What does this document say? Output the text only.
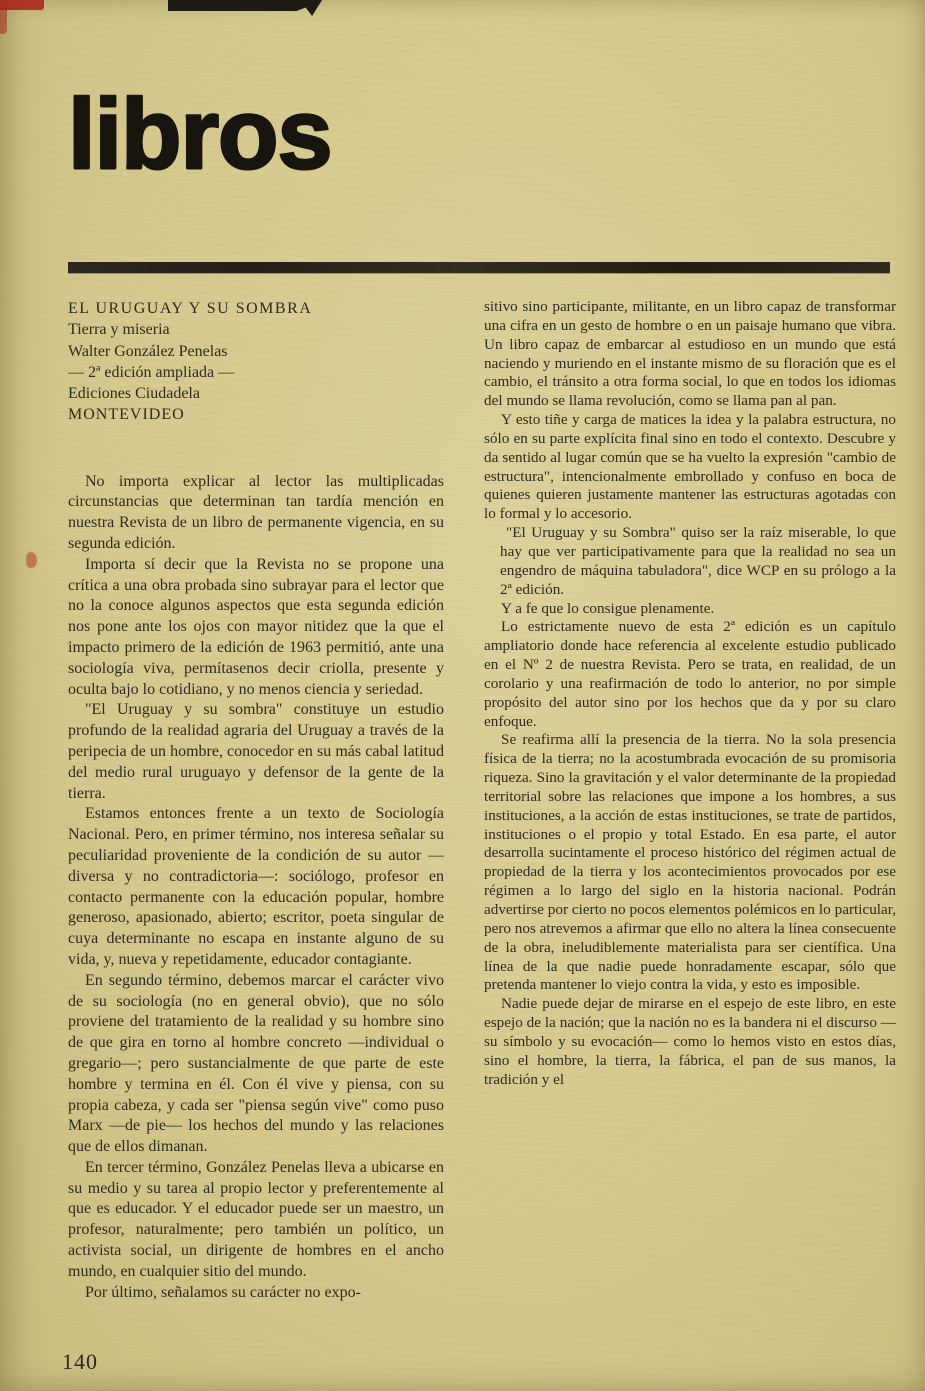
libros
EL URUGUAY Y SU SOMBRA
Tierra y miseria
Walter González Penelas
— 2ª edición ampliada —
Ediciones Ciudadela
MONTEVIDEO

No importa explicar al lector las multiplicadas circunstancias que determinan tan tardía mención en nuestra Revista de un libro de permanente vigencia, en su segunda edición.

Importa sí decir que la Revista no se propone una crítica a una obra probada sino subrayar para el lector que no la conoce algunos aspectos que esta segunda edición nos pone ante los ojos con mayor nitidez que la que el impacto primero de la edición de 1963 permitió, ante una sociología viva, permítasenos decir criolla, presente y oculta bajo lo cotidiano, y no menos ciencia y seriedad.

"El Uruguay y su sombra" constituye un estudio profundo de la realidad agraria del Uruguay a través de la peripecia de un hombre, conocedor en su más cabal latitud del medio rural uruguayo y defensor de la gente de la tierra.

Estamos entonces frente a un texto de Sociología Nacional. Pero, en primer término, nos interesa señalar su peculiaridad proveniente de la condición de su autor —diversa y no contradictoria—: sociólogo, profesor en contacto permanente con la educación popular, hombre generoso, apasionado, abierto; escritor, poeta singular de cuya determinante no escapa en instante alguno de su vida, y, nueva y repetidamente, educador contagiante.

En segundo término, debemos marcar el carácter vivo de su sociología (no en general obvio), que no sólo proviene del tratamiento de la realidad y su hombre sino de que gira en torno al hombre concreto —individual o gregario—; pero sustancialmente de que parte de este hombre y termina en él. Con él vive y piensa, con su propia cabeza, y cada ser "piensa según vive" como puso Marx —de pie— los hechos del mundo y las relaciones que de ellos dimanan.

En tercer término, González Penelas lleva a ubicarse en su medio y su tarea al propio lector y preferentemente al que es educador. Y el educador puede ser un maestro, un profesor, naturalmente; pero también un político, un activista social, un dirigente de hombres en el ancho mundo, en cualquier sitio del mundo.

Por último, señalamos su carácter no expo-

sitivo sino participante, militante, en un libro capaz de transformar una cifra en un gesto de hombre o en un paisaje humano que vibra. Un libro capaz de embarcar al estudioso en un mundo que está naciendo y muriendo en el instante mismo de su floración que es el cambio, el tránsito a otra forma social, lo que en todos los idiomas del mundo se llama revolución, como se llama pan al pan.

Y esto tiñe y carga de matices la idea y la palabra estructura, no sólo en su parte explícita final sino en todo el contexto. Descubre y da sentido al lugar común que se ha vuelto la expresión "cambio de estructura", intencionalmente embrollado y confuso en boca de quienes quieren justamente mantener las estructuras agotadas con lo formal y lo accesorio.

"El Uruguay y su Sombra" quiso ser la raíz miserable, lo que hay que ver participativamente para que la realidad no sea un engendro de máquina tabuladora", dice WCP en su prólogo a la 2ª edición.

Y a fe que lo consigue plenamente.

Lo estrictamente nuevo de esta 2ª edición es un capítulo ampliatorio donde hace referencia al excelente estudio publicado en el Nº 2 de nuestra Revista. Pero se trata, en realidad, de un corolario y una reafirmación de todo lo anterior, no por simple propósito del autor sino por los hechos que da y por su claro enfoque.

Se reafirma allí la presencia de la tierra. No la sola presencia física de la tierra; no la acostumbrada evocación de su promisoria riqueza. Sino la gravitación y el valor determinante de la propiedad territorial sobre las relaciones que impone a los hombres, a sus instituciones, a la acción de estas instituciones, se trate de partidos, instituciones o el propio y total Estado. En esa parte, el autor desarrolla sucintamente el proceso histórico del régimen actual de propiedad de la tierra y los acontecimientos provocados por ese régimen a lo largo del siglo en la historia nacional. Podrán advertirse por cierto no pocos elementos polémicos en lo particular, pero nos atrevemos a afirmar que ello no altera la línea consecuente de la obra, ineludiblemente materialista para ser científica. Una línea de la que nadie puede honradamente escapar, sólo que pretenda mantener lo viejo contra la vida, y esto es imposible.

Nadie puede dejar de mirarse en el espejo de este libro, en este espejo de la nación; que la nación no es la bandera ni el discurso —su símbolo y su evocación— como lo hemos visto en estos días, sino el hombre, la tierra, la fábrica, el pan de sus manos, la tradición y el

140
